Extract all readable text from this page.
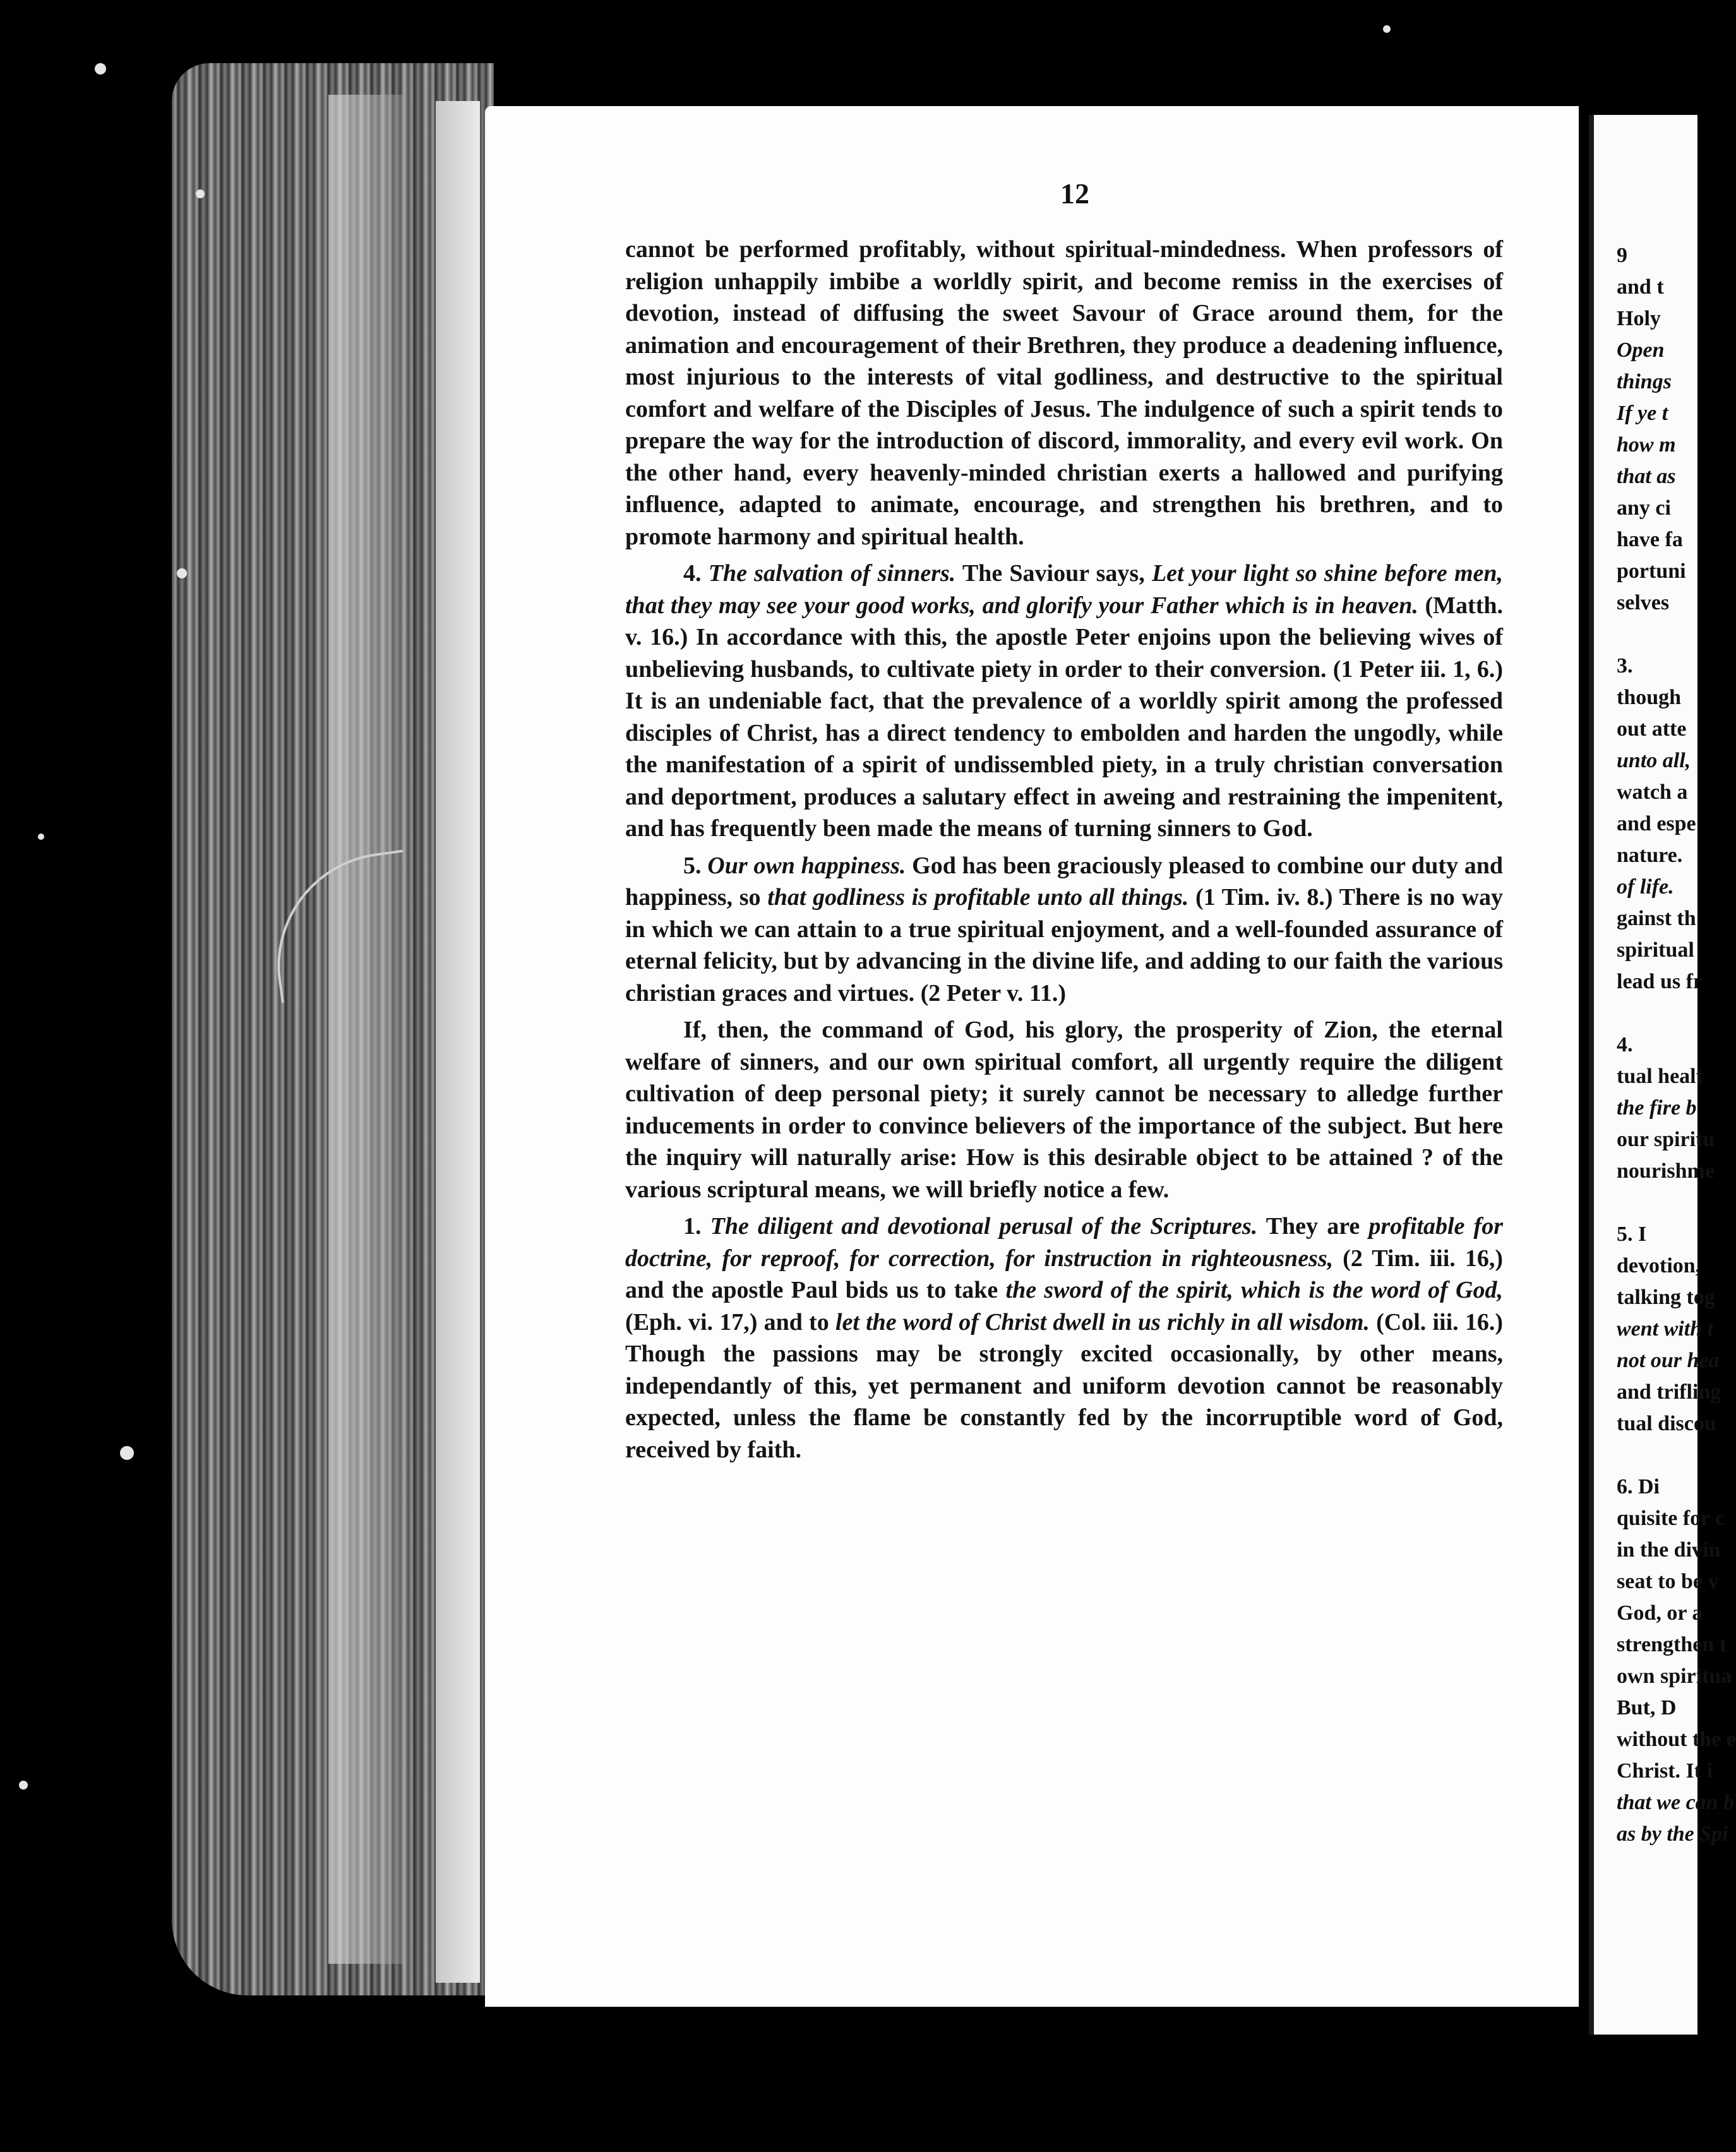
12

cannot be performed profitably, without spiritual-mindedness. When professors of religion unhappily imbibe a worldly spirit, and become remiss in the exercises of devotion, instead of diffusing the sweet Savour of Grace around them, for the animation and encouragement of their Brethren, they produce a deadening influence, most injurious to the interests of vital godliness, and destructive to the spiritual comfort and welfare of the Disciples of Jesus. The indulgence of such a spirit tends to prepare the way for the introduction of discord, immorality, and every evil work. On the other hand, every heavenly-minded christian exerts a hallowed and purifying influence, adapted to animate, encourage, and strengthen his brethren, and to promote harmony and spiritual health.

4. The salvation of sinners. The Saviour says, Let your light so shine before men, that they may see your good works, and glorify your Father which is in heaven. (Matth. v. 16.) In accordance with this, the apostle Peter enjoins upon the believing wives of unbelieving husbands, to cultivate piety in order to their conversion. (1 Peter iii. 1, 6.) It is an undeniable fact, that the prevalence of a worldly spirit among the professed disciples of Christ, has a direct tendency to embolden and harden the ungodly, while the manifestation of a spirit of undissembled piety, in a truly christian conversation and deportment, produces a salutary effect in aweing and restraining the impenitent, and has frequently been made the means of turning sinners to God.

5. Our own happiness. God has been graciously pleased to combine our duty and happiness, so that godliness is profitable unto all things. (1 Tim. iv. 8.) There is no way in which we can attain to a true spiritual enjoyment, and a well-founded assurance of eternal felicity, but by advancing in the divine life, and adding to our faith the various christian graces and virtues. (2 Peter v. 11.)

If, then, the command of God, his glory, the prosperity of Zion, the eternal welfare of sinners, and our own spiritual comfort, all urgently require the diligent cultivation of deep personal piety; it surely cannot be necessary to alledge further inducements in order to convince believers of the importance of the subject. But here the inquiry will naturally arise: How is this desirable object to be attained ? of the various scriptural means, we will briefly notice a few.

1. The diligent and devotional perusal of the Scriptures. They are profitable for doctrine, for reproof, for correction, for instruction in righteousness, (2 Tim. iii. 16,) and the apostle Paul bids us to take the sword of the spirit, which is the word of God, (Eph. vi. 17,) and to let the word of Christ dwell in us richly in all wisdom. (Col. iii. 16.) Though the passions may be strongly excited occasionally, by other means, independantly of this, yet permanent and uniform devotion cannot be reasonably expected, unless the flame be constantly fed by the incorruptible word of God, received by faith.

9
and t
Holy
Open
things
If ye t
how m
that as
any ci
have fa
portuni
selves
3.
though
out atte
unto all,
watch a
and espe
nature.
of life.
gainst th
spiritual
lead us fr
4.
tual healt
the fire b
our spiritu
nourishme
5. I
devotion,
talking tog
went with t
not our hea
and trifling
tual discou
6. Di
quisite for c
in the divin
seat to be v
God, or a
strengthen t
own spiritua
But, D
without the e
Christ. It i
that we can b
as by the Spi
